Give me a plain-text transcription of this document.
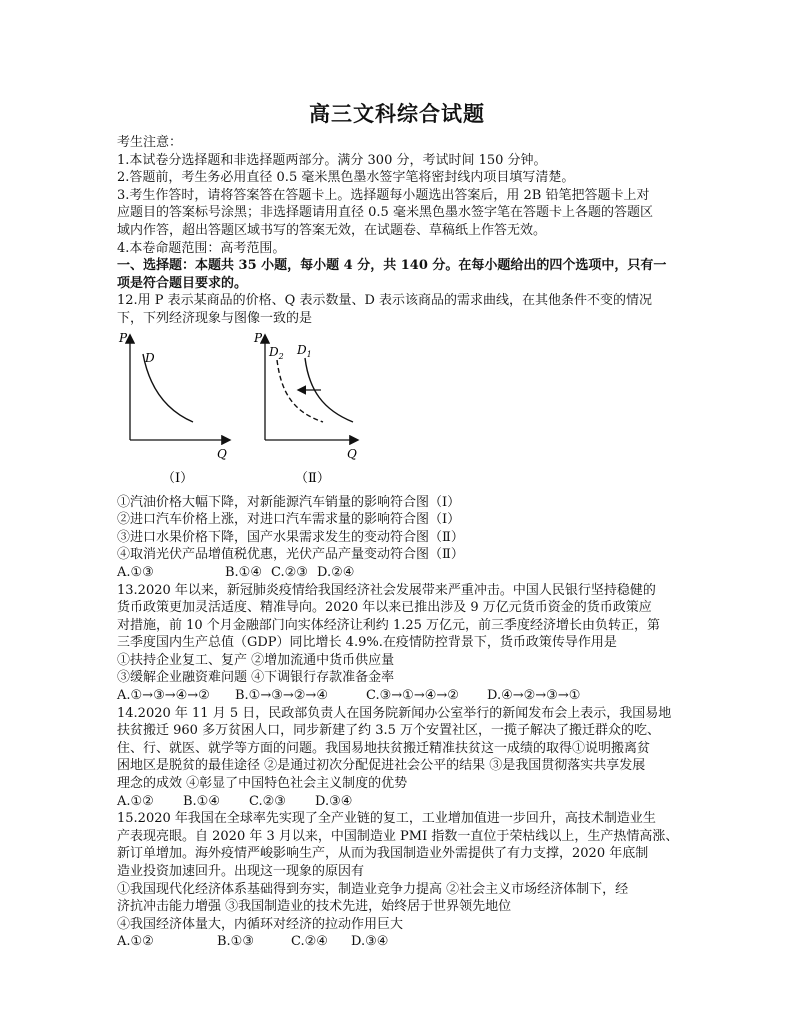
高三文科综合试题
考生注意：
1.本试卷分选择题和非选择题两部分。满分 300 分，考试时间 150 分钟。
2.答题前，考生务必用直径 0.5 毫米黑色墨水签字笔将密封线内项目填写清楚。
3.考生作答时，请将答案答在答题卡上。选择题每小题选出答案后，用 2B 铅笔把答题卡上对
应题目的答案标号涂黑；非选择题请用直径 0.5 毫米黑色墨水签字笔在答题卡上各题的答题区
域内作答，超出答题区域书写的答案无效，在试题卷、草稿纸上作答无效。
4.本卷命题范围：高考范围。
一、选择题：本题共 35 小题，每小题 4 分，共 140 分。在每小题给出的四个选项中，只有一
项是符合题目要求的。
12.用 P 表示某商品的价格、Q 表示数量、D 表示该商品的需求曲线，在其他条件不变的情况
下，下列经济现象与图像一致的是
P
D
Q
（Ⅰ）
P
$D_2$ $D_1$
Q
（Ⅱ）
①汽油价格大幅下降，对新能源汽车销量的影响符合图（Ⅰ）
②进口汽车价格上涨，对进口汽车需求量的影响符合图（Ⅰ）
③进口水果价格下降，国产水果需求发生的变动符合图（Ⅱ）
④取消光伏产品增值税优惠，光伏产品产量变动符合图（Ⅱ）
A.①③	B.①④ C.②③ D.②④
13.2020 年以来，新冠肺炎疫情给我国经济社会发展带来严重冲击。中国人民银行坚持稳健的
货币政策更加灵活适度、精准导向。2020 年以来已推出涉及 9 万亿元货币资金的货币政策应
对措施，前 10 个月金融部门向实体经济让利约 1.25 万亿元，前三季度经济增长由负转正，第
三季度国内生产总值（GDP）同比增长 4.9%.在疫情防控背景下，货币政策传导作用是
①扶持企业复工、复产 ②增加流通中货币供应量
③缓解企业融资难问题 ④下调银行存款准备金率
A.①→③→④→② B.①→③→②→④	C.③→①→④→② D.④→②→③→①
14.2020 年 11 月 5 日，民政部负责人在国务院新闻办公室举行的新闻发布会上表示，我国易地
扶贫搬迁 960 多万贫困人口，同步新建了约 3.5 万个安置社区，一揽子解决了搬迁群众的吃、
住、行、就医、就学等方面的问题。我国易地扶贫搬迁精准扶贫这一成绩的取得①说明搬离贫
困地区是脱贫的最佳途径 ②是通过初次分配促进社会公平的结果 ③是我国贯彻落实共享发展
理念的成效 ④彰显了中国特色社会主义制度的优势
A.①② B.①④ C.②③ D.③④
15.2020 年我国在全球率先实现了全产业链的复工，工业增加值进一步回升，高技术制造业生
产表现亮眼。自 2020 年 3 月以来，中国制造业 PMI 指数一直位于荣枯线以上，生产热情高涨、
新订单增加。海外疫情严峻影响生产，从而为我国制造业外需提供了有力支撑，2020 年底制
造业投资加速回升。出现这一现象的原因有
①我国现代化经济体系基础得到夯实，制造业竞争力提高 ②社会主义市场经济体制下，经
济抗冲击能力增强 ③我国制造业的技术先进，始终居于世界领先地位
④我国经济体量大，内循环对经济的拉动作用巨大
A.①②	B.①③	C.②④ D.③④
